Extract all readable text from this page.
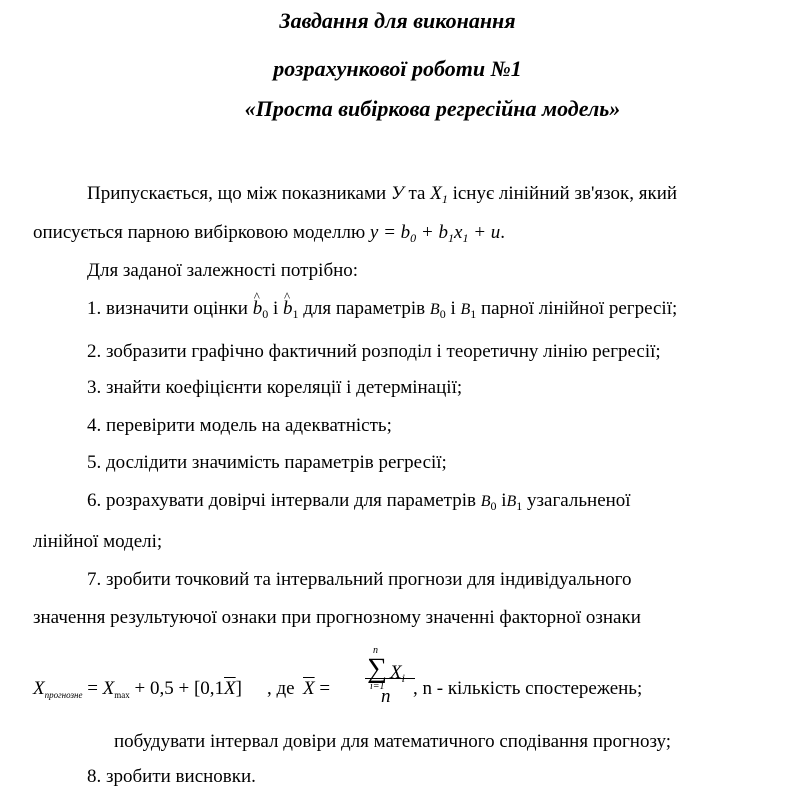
Завдання для виконання
розрахункової роботи №1
«Проста вибіркова регресійна модель»
Припускається, що між показниками У та $X_1$ існує лінійний зв'язок, який
описується парною вибірковою моделлю $y = b_0 + b_1x_1 + u$.
Для заданої залежності потрібно:
1. визначити оцінки ^ $b_0$ і ^ $b_1$ для параметрів $B_0$ і $B_1$ парної лінійної регресії;
2. зобразити графічно фактичний розподіл і теоретичну лінію регресії;
3. знайти коефіцієнти кореляції і детермінації;
4. перевірити модель на адекватність;
5. дослідити значимість параметрів регресії;
6. розрахувати довірчі інтервали для параметрів $B_0$ $іB_1$ узагальненої
лінійної моделі;
7. зробити точковий та інтервальний прогнози для індивідуального
значення результуючої ознаки при прогнозному значенні факторної ознаки
$X_{прогнозне} = X_{max} + 0,5 + [0,1\overline{X}]$ , де $\overline{X}$ =
∑
n
i=1
$X_i$
n , n - кількість спостережень;
побудувати інтервал довіри для математичного сподівання прогнозу;
8. зробити висновки.
